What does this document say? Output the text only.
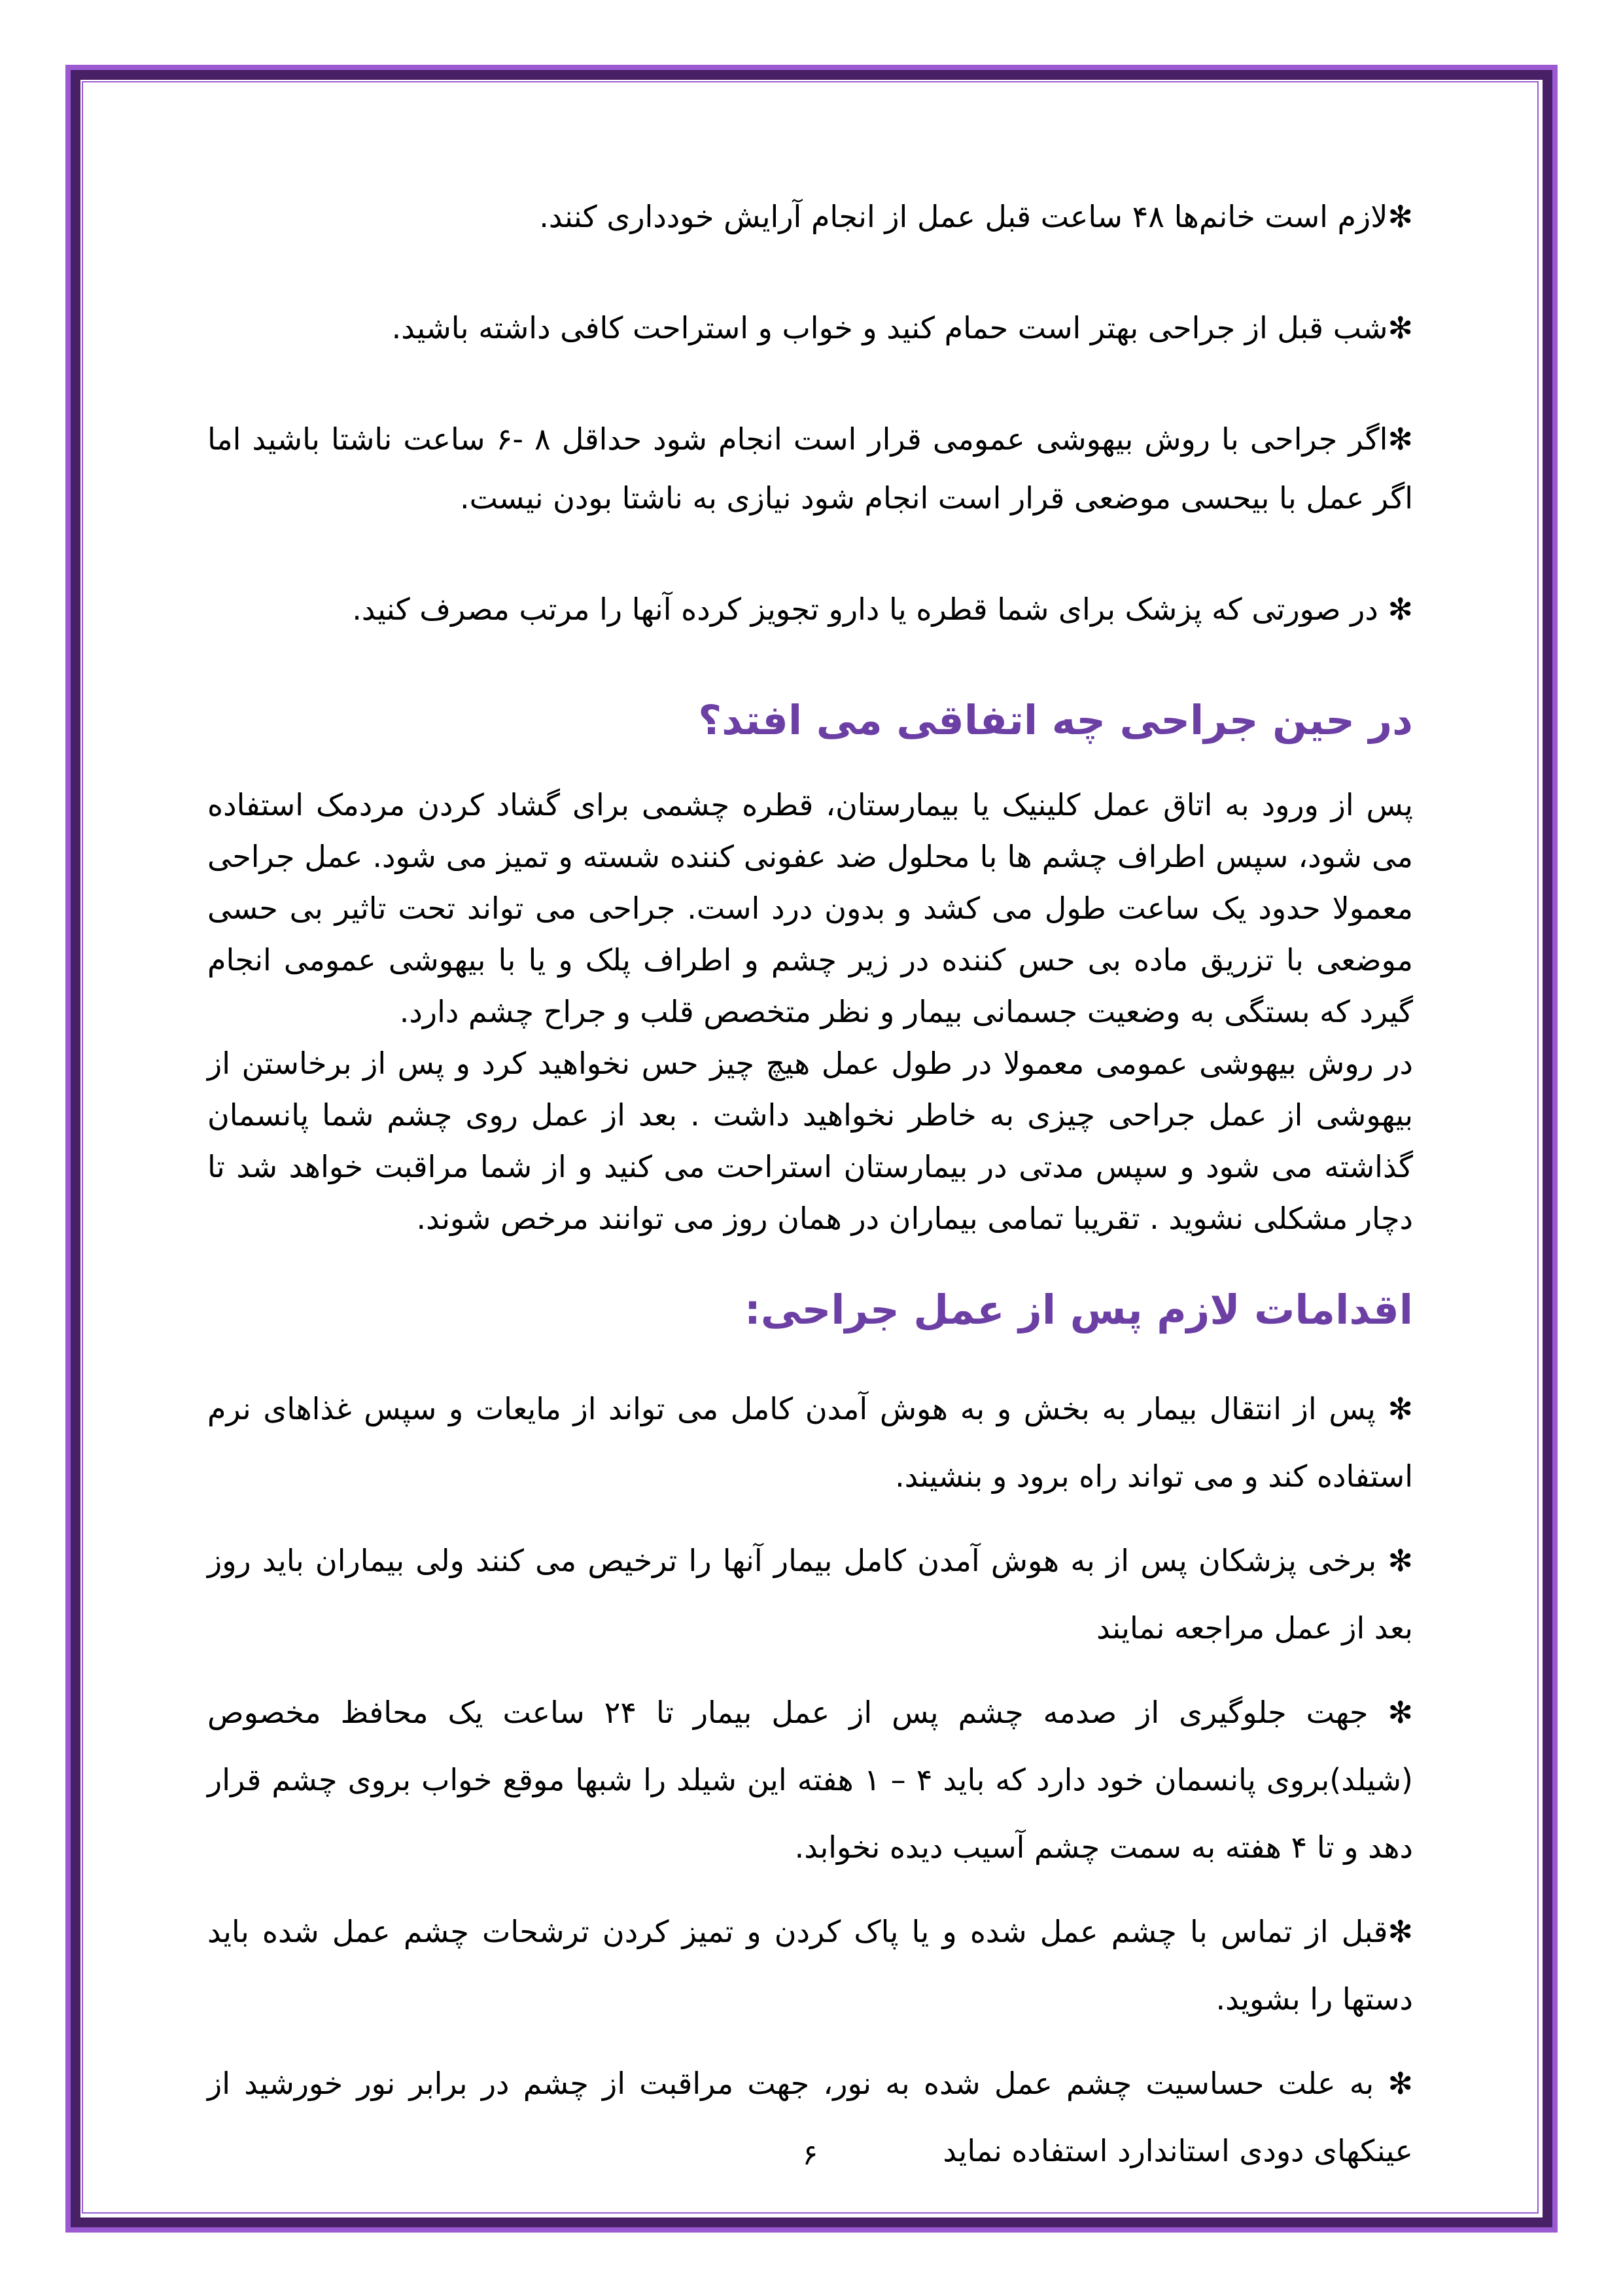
✻لازم است خانم‌ها ۴۸ ساعت قبل عمل از انجام آرایش خودداری کنند.

✻شب قبل از جراحی بهتر است حمام کنید و خواب و استراحت کافی داشته باشید.

✻اگر جراحی با روش بیهوشی عمومی قرار است انجام شود حداقل ۸ -۶ ساعت ناشتا باشید اما اگر عمل با بیحسی موضعی قرار است انجام شود نیازی به ناشتا بودن نیست.

✻ در صورتی که پزشک برای شما قطره یا دارو تجویز کرده آنها را مرتب مصرف کنید.

در حین جراحی چه اتفاقی می افتد؟

پس از ورود به اتاق عمل کلینیک یا بیمارستان، قطره چشمی برای گشاد کردن مردمک استفاده می شود، سپس اطراف چشم ها با محلول ضد عفونی کننده شسته و تمیز می شود. عمل جراحی معمولا حدود یک ساعت طول می کشد و بدون درد است. جراحی می تواند تحت تاثیر بی حسی موضعی با تزریق ماده بی حس کننده در زیر چشم و اطراف پلک و یا با بیهوشی عمومی انجام گیرد که بستگی به وضعیت جسمانی بیمار و نظر متخصص قلب و جراح چشم دارد.

در روش بیهوشی عمومی معمولا در طول عمل هیچ چیز حس نخواهید کرد و پس از برخاستن از بیهوشی از عمل جراحی چیزی به خاطر نخواهید داشت . بعد از عمل روی چشم شما پانسمان گذاشته می شود و سپس مدتی در بیمارستان استراحت می کنید و از شما مراقبت خواهد شد تا دچار مشکلی نشوید . تقریبا تمامی بیماران در همان روز می توانند مرخص شوند.

اقدامات لازم پس از عمل جراحی:

✻ پس از انتقال بیمار به بخش و به هوش آمدن کامل می تواند از مایعات و سپس غذاهای نرم استفاده کند و می تواند راه برود و بنشیند.

✻ برخی پزشکان پس از به هوش آمدن کامل بیمار آنها را ترخیص می کنند ولی بیماران باید روز بعد از عمل مراجعه نمایند

✻ جهت جلوگیری از صدمه چشم پس از عمل بیمار تا ۲۴ ساعت یک محافظ مخصوص (شیلد)بروی پانسمان خود دارد که باید ۴ – ۱ هفته این شیلد را شبها موقع خواب بروی چشم قرار دهد و تا ۴ هفته به سمت چشم آسیب دیده نخوابد.

✻قبل از تماس با چشم عمل شده و یا پاک کردن و تمیز کردن ترشحات چشم عمل شده باید دستها را بشوید.

✻ به علت حساسیت چشم عمل شده به نور، جهت مراقبت از چشم در برابر نور خورشید از عینکهای دودی استاندارد استفاده نماید

۶
